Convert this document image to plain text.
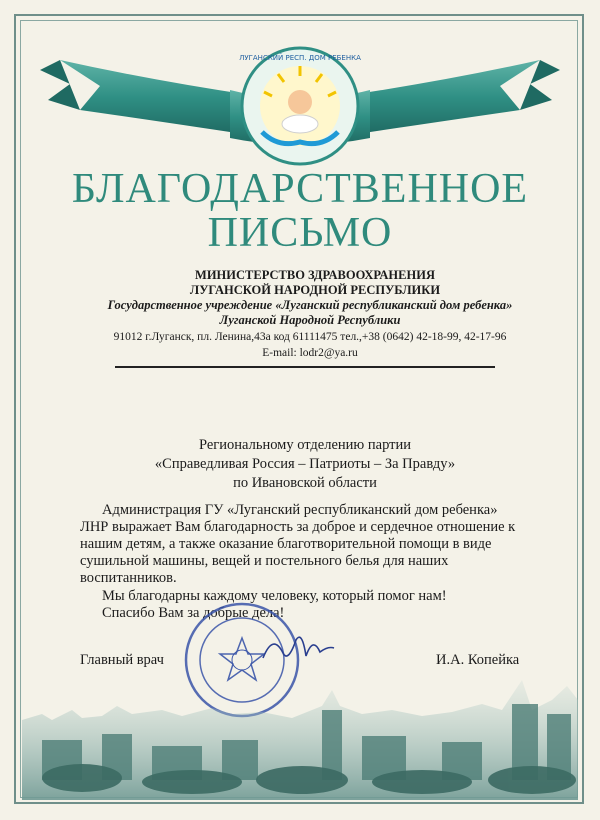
ЛУГАНСКИЙ РЕСП. ДОМ РЕБЕНКА
БЛАГОДАРСТВЕННОЕ
ПИСЬМО
МИНИСТЕРСТВО ЗДРАВООХРАНЕНИЯ
ЛУГАНСКОЙ НАРОДНОЙ РЕСПУБЛИКИ
Государственное учреждение «Луганский республиканский дом ребенка»
Луганской Народной Республики
91012 г.Луганск, пл. Ленина,43а код 61111475 тел.,+38 (0642) 42-18-99, 42-17-96
E-mail: lodr2@ya.ru
Региональному отделению партии
«Справедливая Россия – Патриоты – За Правду»
по Ивановской области
Администрация ГУ «Луганский республиканский дом ребенка»
ЛНР выражает Вам благодарность за доброе и сердечное отношение к
нашим детям, а также оказание благотворительной помощи в виде
сушильной машины, вещей и постельного белья для наших
воспитанников.
Мы благодарны каждому человеку, который помог нам!
Спасибо Вам за добрые дела!
Главный врач	И.А. Копейка
